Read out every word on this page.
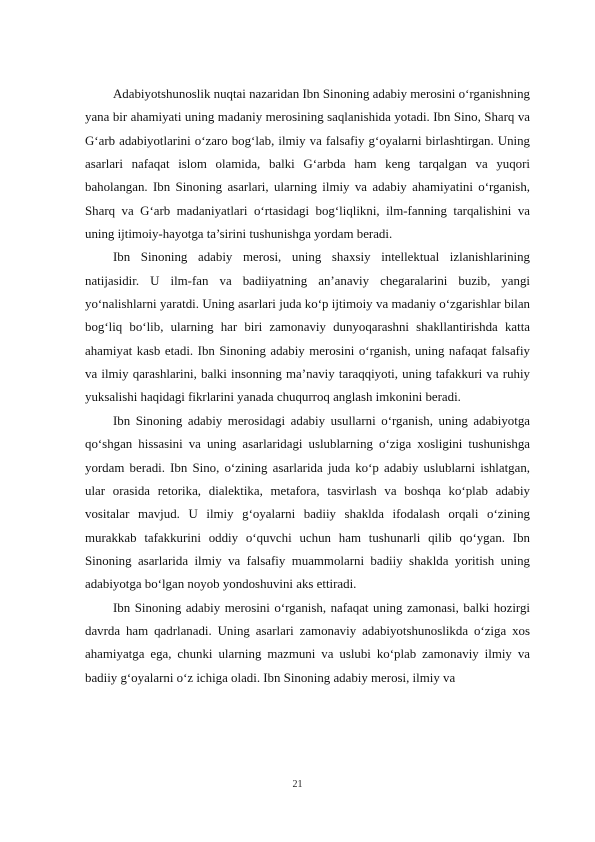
Adabiyotshunoslik nuqtai nazaridan Ibn Sinoning adabiy merosini o‘rganishning yana bir ahamiyati uning madaniy merosining saqlanishida yotadi. Ibn Sino, Sharq va G‘arb adabiyotlarini o‘zaro bog‘lab, ilmiy va falsafiy g‘oyalarni birlashtirgan. Uning asarlari nafaqat islom olamida, balki G‘arbda ham keng tarqalgan va yuqori baholangan. Ibn Sinoning asarlari, ularning ilmiy va adabiy ahamiyatini o‘rganish, Sharq va G‘arb madaniyatlari o‘rtasidagi bog‘liqlikni, ilm-fanning tarqalishini va uning ijtimoiy-hayotga ta’sirini tushunishga yordam beradi.

Ibn Sinoning adabiy merosi, uning shaxsiy intellektual izlanishlarining natijasidir. U ilm-fan va badiiyatning an’anaviy chegaralarini buzib, yangi yo‘nalishlarni yaratdi. Uning asarlari juda ko‘p ijtimoiy va madaniy o‘zgarishlar bilan bog‘liq bo‘lib, ularning har biri zamonaviy dunyoqarashni shakllantirishda katta ahamiyat kasb etadi. Ibn Sinoning adabiy merosini o‘rganish, uning nafaqat falsafiy va ilmiy qarashlarini, balki insonning ma’naviy taraqqiyoti, uning tafakkuri va ruhiy yuksalishi haqidagi fikrlarini yanada chuqurroq anglash imkonini beradi.

Ibn Sinoning adabiy merosidagi adabiy usullarni o‘rganish, uning adabiyotga qo‘shgan hissasini va uning asarlaridagi uslublarning o‘ziga xosligini tushunishga yordam beradi. Ibn Sino, o‘zining asarlarida juda ko‘p adabiy uslublarni ishlatgan, ular orasida retorika, dialektika, metafora, tasvirlash va boshqa ko‘plab adabiy vositalar mavjud. U ilmiy g‘oyalarni badiiy shaklda ifodalash orqali o‘zining murakkab tafakkurini oddiy o‘quvchi uchun ham tushunarli qilib qo‘ygan. Ibn Sinoning asarlarida ilmiy va falsafiy muammolarni badiiy shaklda yoritish uning adabiyotga bo‘lgan noyob yondoshuvini aks ettiradi.

Ibn Sinoning adabiy merosini o‘rganish, nafaqat uning zamonasi, balki hozirgi davrda ham qadrlanadi. Uning asarlari zamonaviy adabiyotshunoslikda o‘ziga xos ahamiyatga ega, chunki ularning mazmuni va uslubi ko‘plab zamonaviy ilmiy va badiiy g‘oyalarni o‘z ichiga oladi. Ibn Sinoning adabiy merosi, ilmiy va

21
